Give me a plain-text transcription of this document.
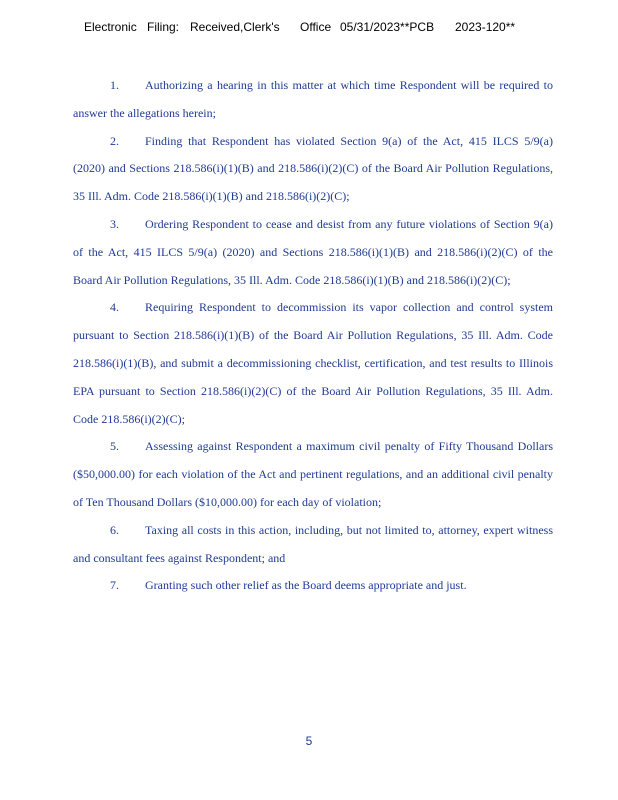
Electronic Filing: Received,Clerk's Office 05/31/2023**PCB 2023-120**

1. Authorizing a hearing in this matter at which time Respondent will be required to answer the allegations herein;

2. Finding that Respondent has violated Section 9(a) of the Act, 415 ILCS 5/9(a) (2020) and Sections 218.586(i)(1)(B) and 218.586(i)(2)(C) of the Board Air Pollution Regulations, 35 Ill. Adm. Code 218.586(i)(1)(B) and 218.586(i)(2)(C);

3. Ordering Respondent to cease and desist from any future violations of Section 9(a) of the Act, 415 ILCS 5/9(a) (2020) and Sections 218.586(i)(1)(B) and 218.586(i)(2)(C) of the Board Air Pollution Regulations, 35 Ill. Adm. Code 218.586(i)(1)(B) and 218.586(i)(2)(C);

4. Requiring Respondent to decommission its vapor collection and control system pursuant to Section 218.586(i)(1)(B) of the Board Air Pollution Regulations, 35 Ill. Adm. Code 218.586(i)(1)(B), and submit a decommissioning checklist, certification, and test results to Illinois EPA pursuant to Section 218.586(i)(2)(C) of the Board Air Pollution Regulations, 35 Ill. Adm. Code 218.586(i)(2)(C);

5. Assessing against Respondent a maximum civil penalty of Fifty Thousand Dollars ($50,000.00) for each violation of the Act and pertinent regulations, and an additional civil penalty of Ten Thousand Dollars ($10,000.00) for each day of violation;

6. Taxing all costs in this action, including, but not limited to, attorney, expert witness and consultant fees against Respondent; and

7. Granting such other relief as the Board deems appropriate and just.

5
